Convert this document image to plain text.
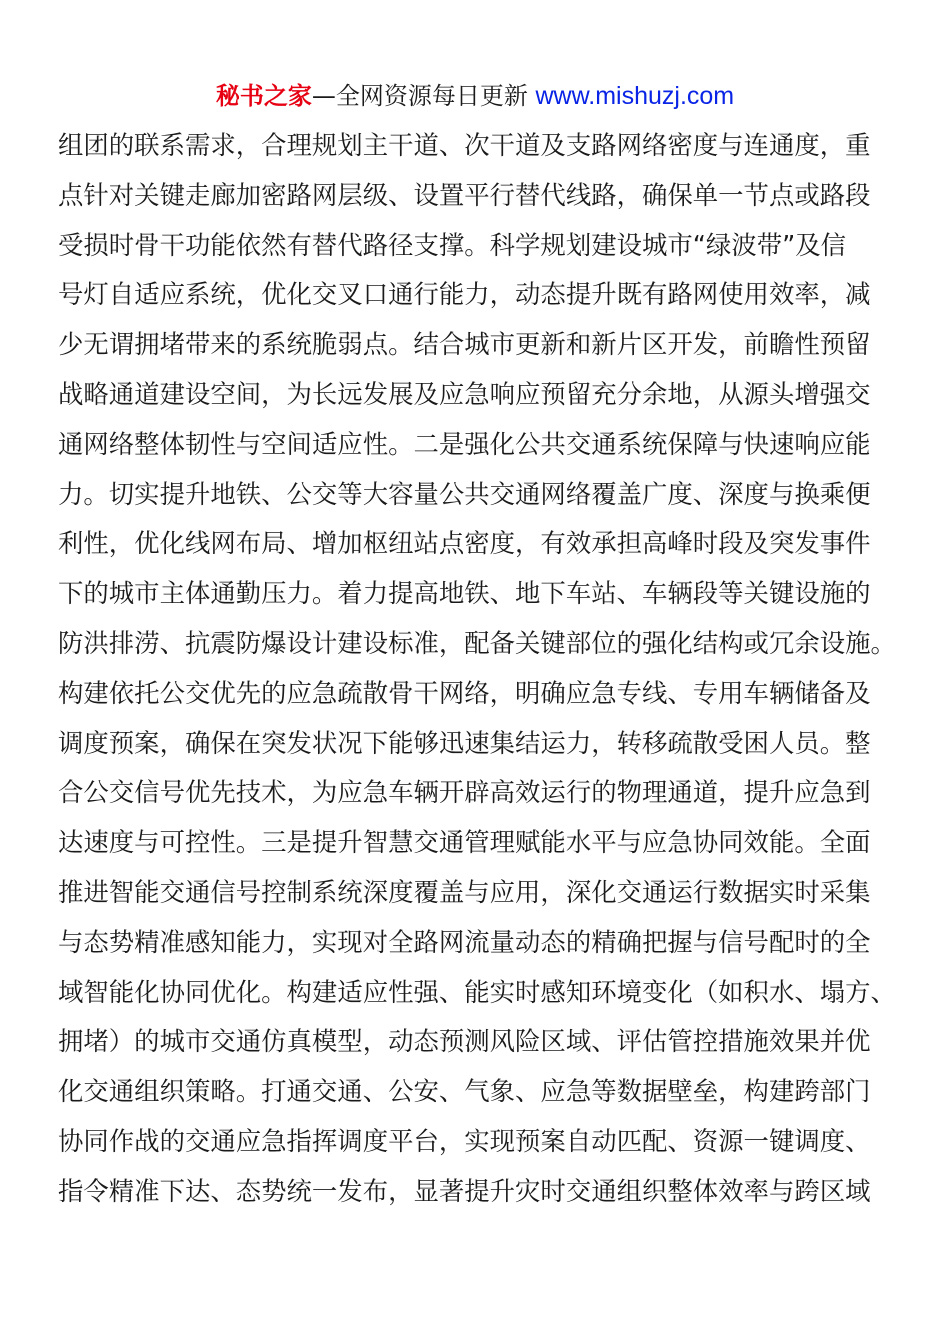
秘书之家—全网资源每日更新 www.mishuzj.com
组团的联系需求，合理规划主干道、次干道及支路网络密度与连通度，重
点针对关键走廊加密路网层级、设置平行替代线路，确保单一节点或路段
受损时骨干功能依然有替代路径支撑。科学规划建设城市“绿波带”及信
号灯自适应系统，优化交叉口通行能力，动态提升既有路网使用效率，减
少无谓拥堵带来的系统脆弱点。结合城市更新和新片区开发，前瞻性预留
战略通道建设空间，为长远发展及应急响应预留充分余地，从源头增强交
通网络整体韧性与空间适应性。二是强化公共交通系统保障与快速响应能
力。切实提升地铁、公交等大容量公共交通网络覆盖广度、深度与换乘便
利性，优化线网布局、增加枢纽站点密度，有效承担高峰时段及突发事件
下的城市主体通勤压力。着力提高地铁、地下车站、车辆段等关键设施的
防洪排涝、抗震防爆设计建设标准，配备关键部位的强化结构或冗余设施。
构建依托公交优先的应急疏散骨干网络，明确应急专线、专用车辆储备及
调度预案，确保在突发状况下能够迅速集结运力，转移疏散受困人员。整
合公交信号优先技术，为应急车辆开辟高效运行的物理通道，提升应急到
达速度与可控性。三是提升智慧交通管理赋能水平与应急协同效能。全面
推进智能交通信号控制系统深度覆盖与应用，深化交通运行数据实时采集
与态势精准感知能力，实现对全路网流量动态的精确把握与信号配时的全
域智能化协同优化。构建适应性强、能实时感知环境变化（如积水、塌方、
拥堵）的城市交通仿真模型，动态预测风险区域、评估管控措施效果并优
化交通组织策略。打通交通、公安、气象、应急等数据壁垒，构建跨部门
协同作战的交通应急指挥调度平台，实现预案自动匹配、资源一键调度、
指令精准下达、态势统一发布，显著提升灾时交通组织整体效率与跨区域
